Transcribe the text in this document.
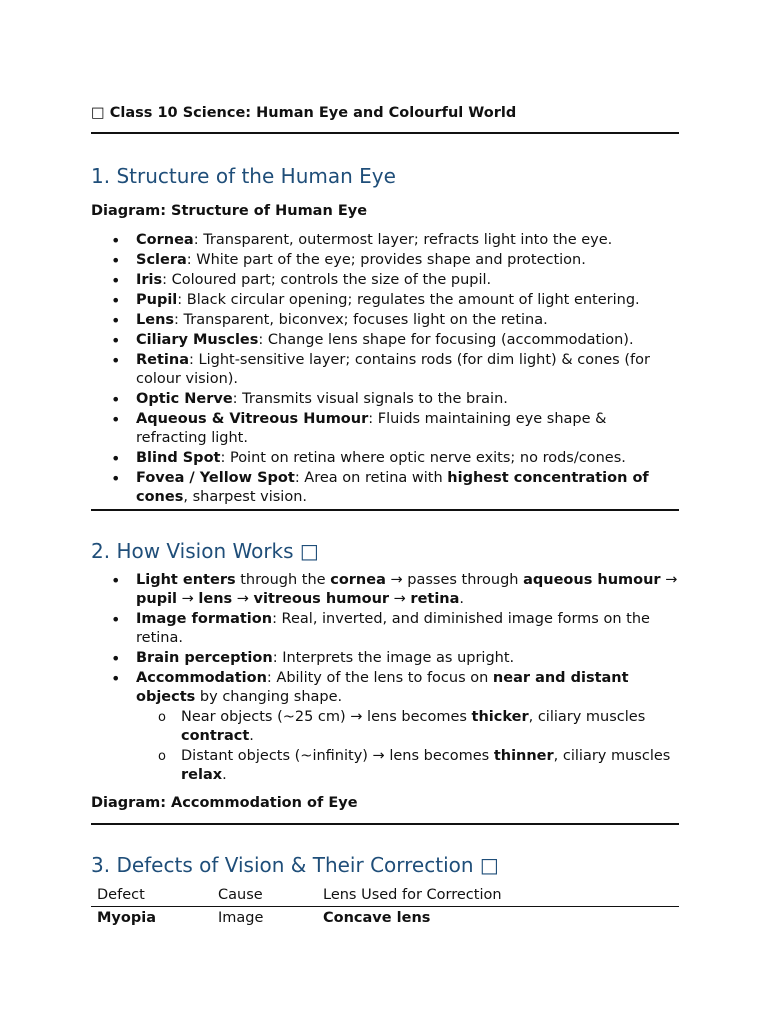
□ Class 10 Science: Human Eye and Colourful World

1. Structure of the Human Eye

Diagram: Structure of Human Eye

• Cornea: Transparent, outermost layer; refracts light into the eye.
• Sclera: White part of the eye; provides shape and protection.
• Iris: Coloured part; controls the size of the pupil.
• Pupil: Black circular opening; regulates the amount of light entering.
• Lens: Transparent, biconvex; focuses light on the retina.
• Ciliary Muscles: Change lens shape for focusing (accommodation).
• Retina: Light-sensitive layer; contains rods (for dim light) & cones (for colour vision).
• Optic Nerve: Transmits visual signals to the brain.
• Aqueous & Vitreous Humour: Fluids maintaining eye shape & refracting light.
• Blind Spot: Point on retina where optic nerve exits; no rods/cones.
• Fovea / Yellow Spot: Area on retina with highest concentration of cones, sharpest vision.
2. How Vision Works □
• Light enters through the cornea → passes through aqueous humour → pupil → lens → vitreous humour → retina.
• Image formation: Real, inverted, and diminished image forms on the retina.
• Brain perception: Interprets the image as upright.
• Accommodation: Ability of the lens to focus on near and distant objects by changing shape.
o Near objects (~25 cm) → lens becomes thicker, ciliary muscles contract.
o Distant objects (~infinity) → lens becomes thinner, ciliary muscles relax.

Diagram: Accommodation of Eye

3. Defects of Vision & Their Correction □
Defect	Cause	Lens Used for Correction
Myopia	Image	Concave lens
